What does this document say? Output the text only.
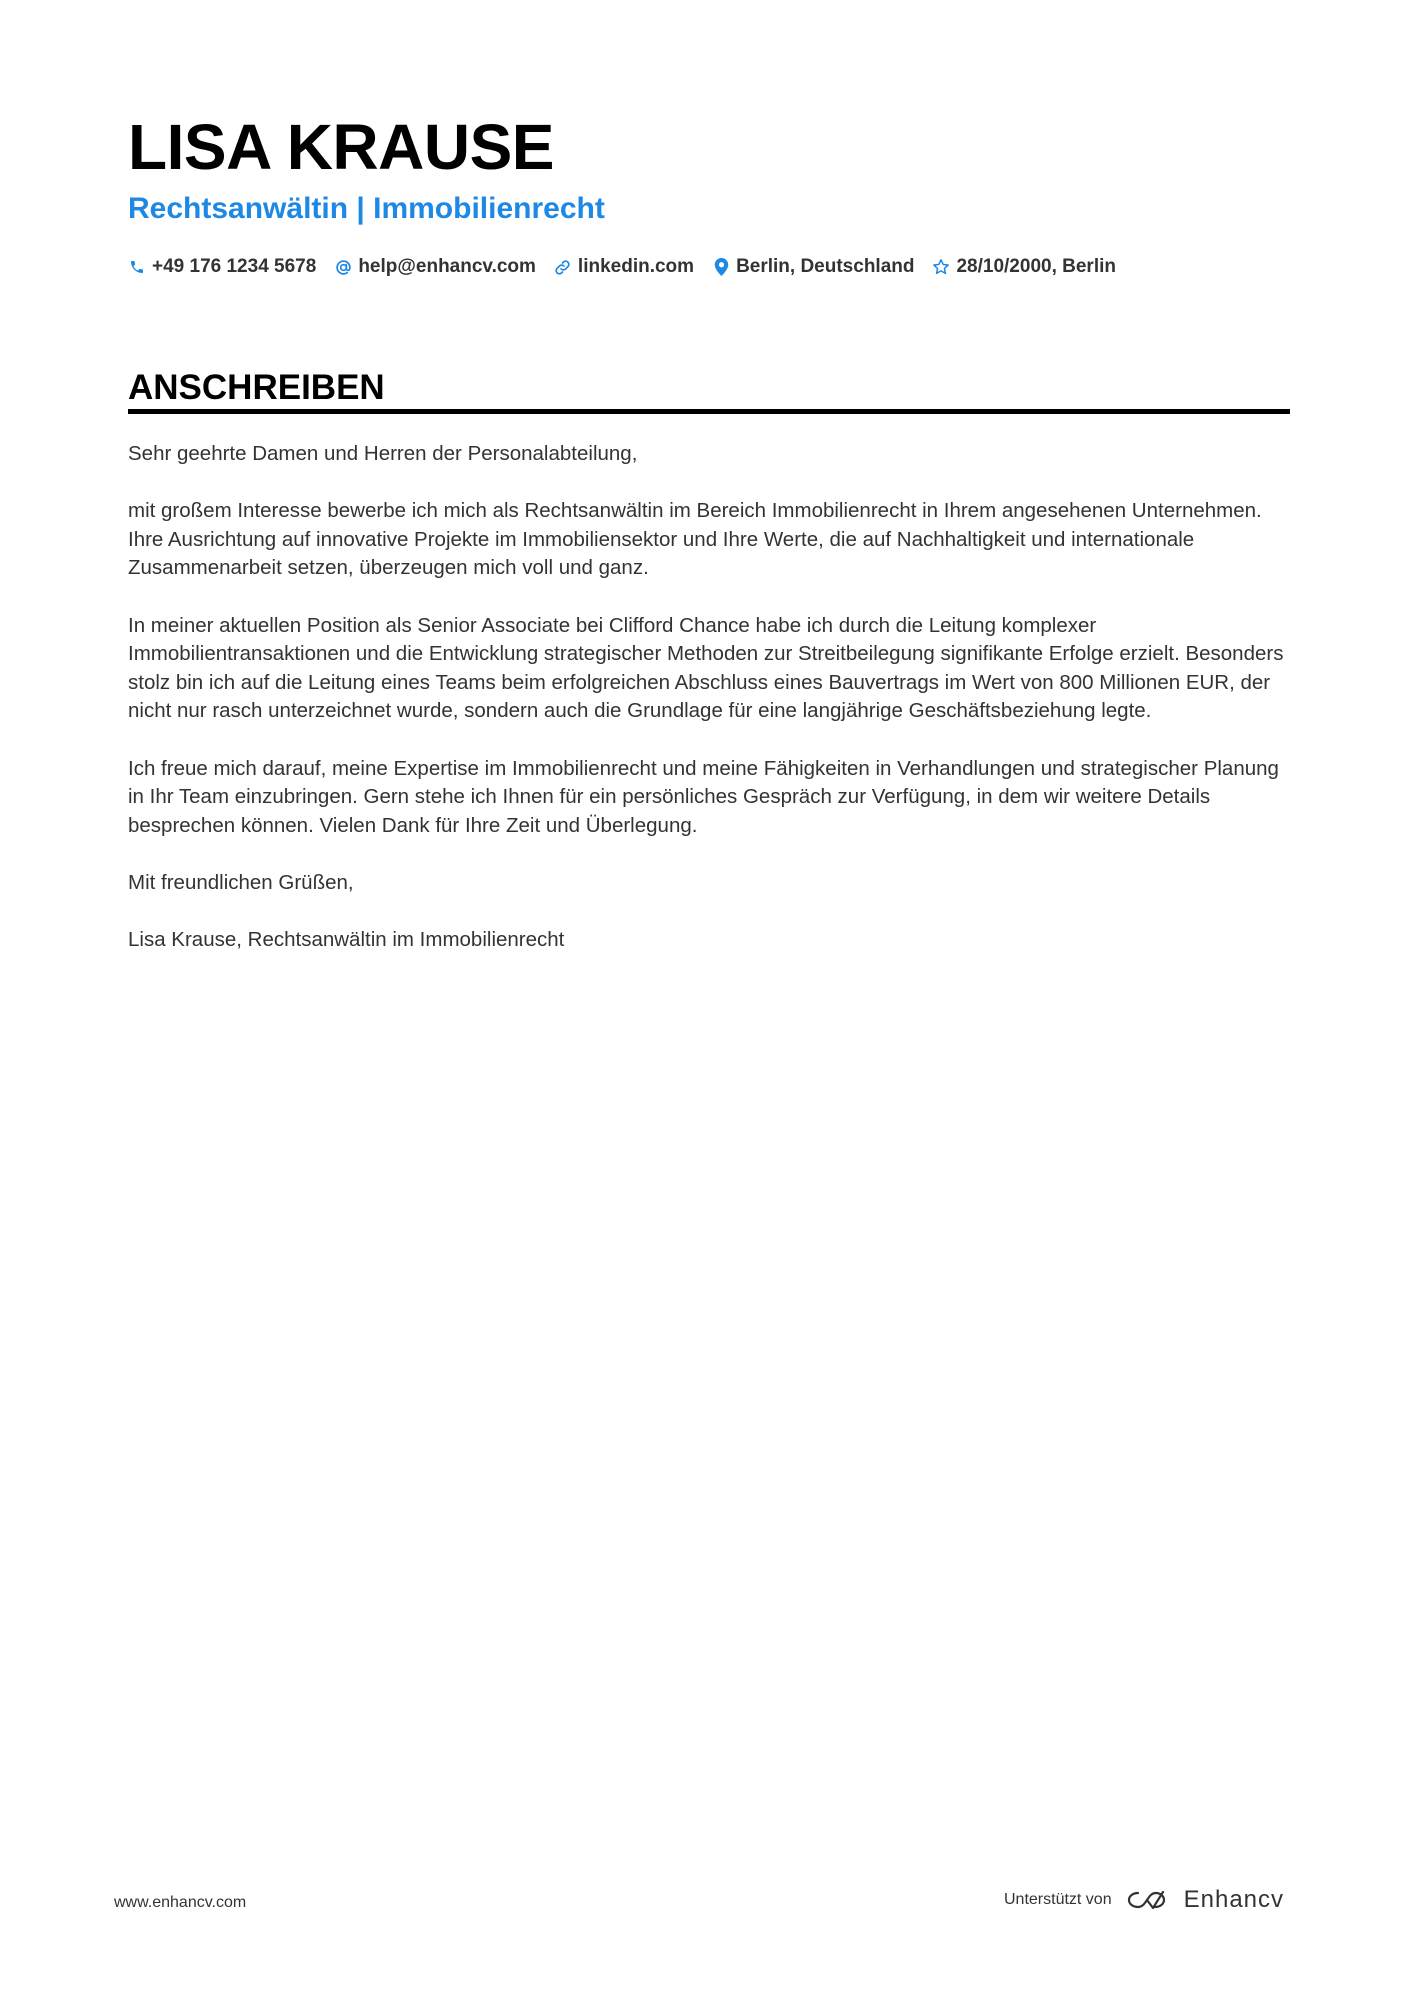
LISA KRAUSE
Rechtsanwältin | Immobilienrecht
+49 176 1234 5678 help@enhancv.com linkedin.com Berlin, Deutschland 28/10/2000, Berlin
ANSCHREIBEN

Sehr geehrte Damen und Herren der Personalabteilung,

mit großem Interesse bewerbe ich mich als Rechtsanwältin im Bereich Immobilienrecht in Ihrem angesehenen Unternehmen. Ihre Ausrichtung auf innovative Projekte im Immobiliensektor und Ihre Werte, die auf Nachhaltigkeit und internationale Zusammenarbeit setzen, überzeugen mich voll und ganz.

In meiner aktuellen Position als Senior Associate bei Clifford Chance habe ich durch die Leitung komplexer Immobilientransaktionen und die Entwicklung strategischer Methoden zur Streitbeilegung signifikante Erfolge erzielt. Besonders stolz bin ich auf die Leitung eines Teams beim erfolgreichen Abschluss eines Bauvertrags im Wert von 800 Millionen EUR, der nicht nur rasch unterzeichnet wurde, sondern auch die Grundlage für eine langjährige Geschäftsbeziehung legte.

Ich freue mich darauf, meine Expertise im Immobilienrecht und meine Fähigkeiten in Verhandlungen und strategischer Planung in Ihr Team einzubringen. Gern stehe ich Ihnen für ein persönliches Gespräch zur Verfügung, in dem wir weitere Details besprechen können. Vielen Dank für Ihre Zeit und Überlegung.

Mit freundlichen Grüßen,

Lisa Krause, Rechtsanwältin im Immobilienrecht

www.enhancv.com	Unterstützt von	Enhancv
